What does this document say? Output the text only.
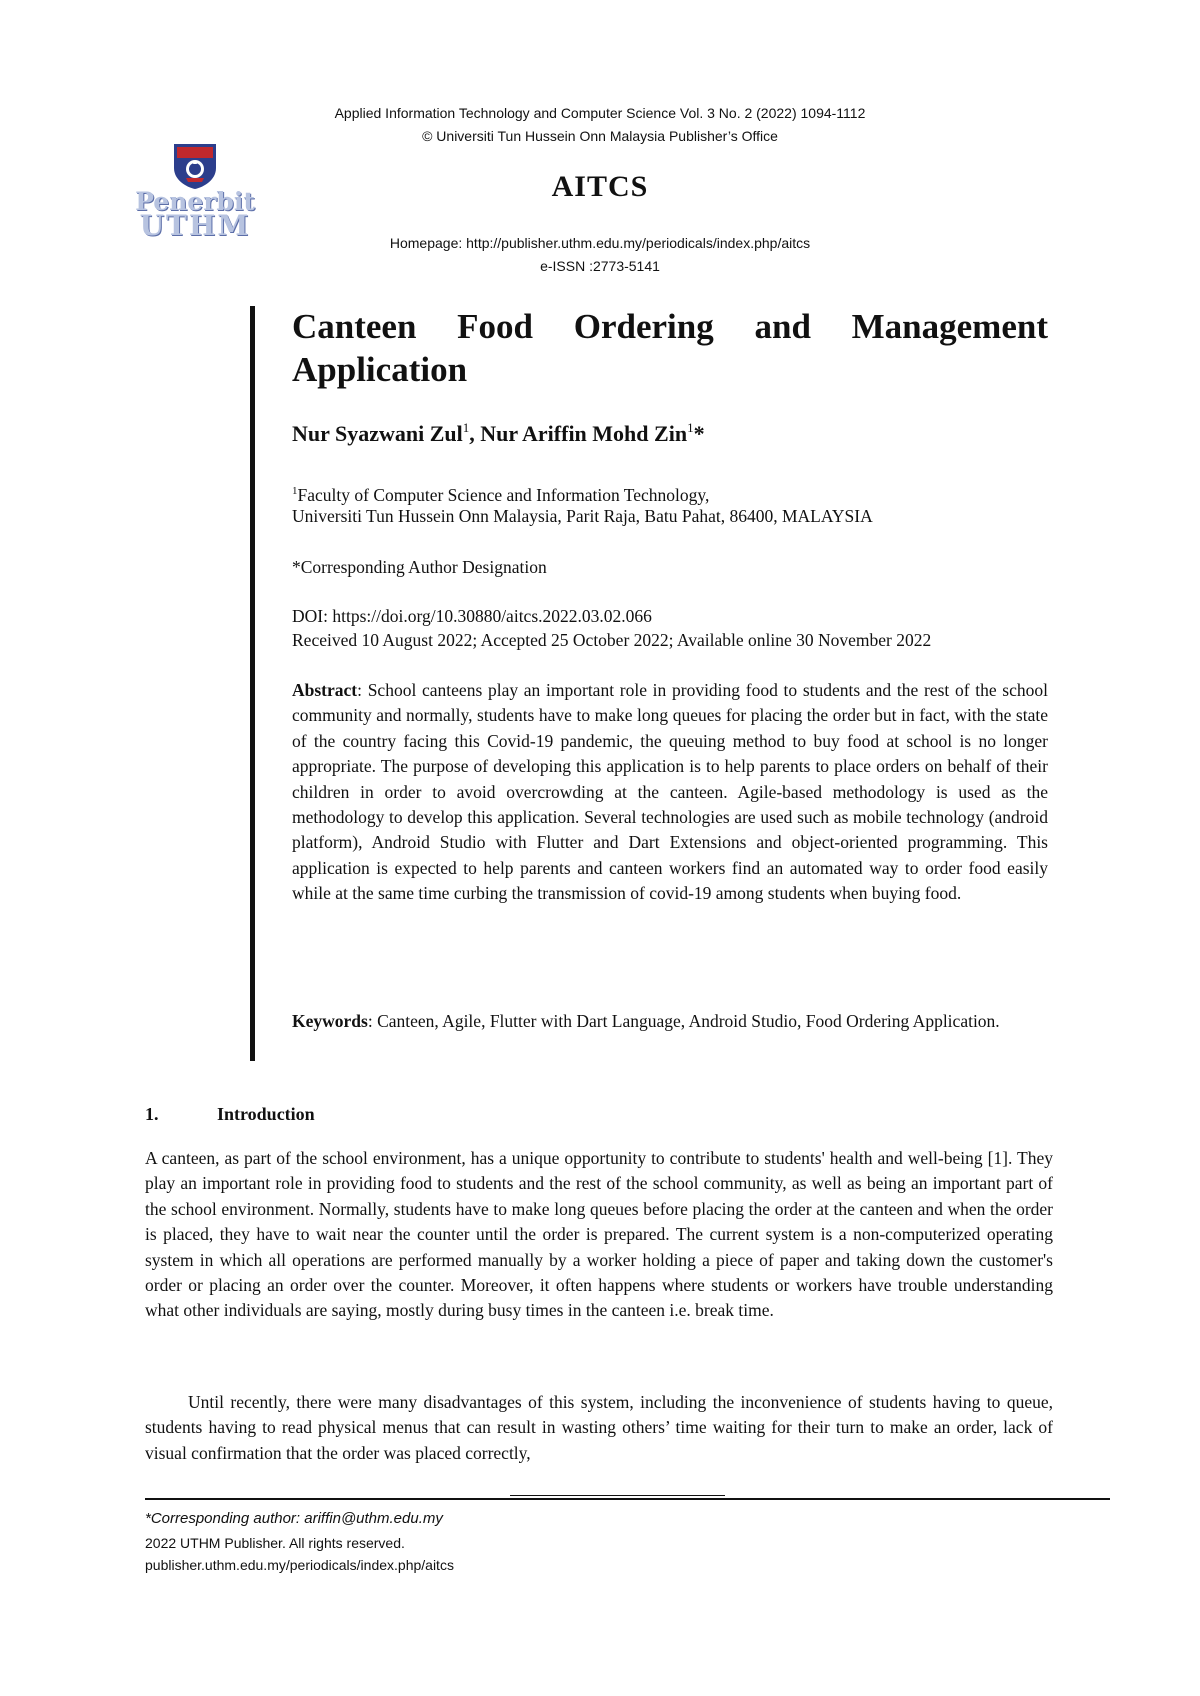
Applied Information Technology and Computer Science Vol. 3 No. 2 (2022) 1094-1112
© Universiti Tun Hussein Onn Malaysia Publisher’s Office
AITCS
Homepage: http://publisher.uthm.edu.my/periodicals/index.php/aitcs
e-ISSN :2773-5141
Penerbit
UTHM
Canteen Food Ordering and Management Application
Nur Syazwani Zul$^1$, Nur Ariffin Mohd Zin$^1$*
$^1$Faculty of Computer Science and Information Technology,
Universiti Tun Hussein Onn Malaysia, Parit Raja, Batu Pahat, 86400, MALAYSIA
*Corresponding Author Designation
DOI: https://doi.org/10.30880/aitcs.2022.03.02.066
Received 10 August 2022; Accepted 25 October 2022; Available online 30 November 2022

Abstract: School canteens play an important role in providing food to students and the rest of the school community and normally, students have to make long queues for placing the order but in fact, with the state of the country facing this Covid-19 pandemic, the queuing method to buy food at school is no longer appropriate. The purpose of developing this application is to help parents to place orders on behalf of their children in order to avoid overcrowding at the canteen. Agile-based methodology is used as the methodology to develop this application. Several technologies are used such as mobile technology (android platform), Android Studio with Flutter and Dart Extensions and object-oriented programming. This application is expected to help parents and canteen workers find an automated way to order food easily while at the same time curbing the transmission of covid-19 among students when buying food.

Keywords: Canteen, Agile, Flutter with Dart Language, Android Studio, Food Ordering Application.

1.	Introduction

A canteen, as part of the school environment, has a unique opportunity to contribute to students' health and well-being [1]. They play an important role in providing food to students and the rest of the school community, as well as being an important part of the school environment. Normally, students have to make long queues before placing the order at the canteen and when the order is placed, they have to wait near the counter until the order is prepared. The current system is a non-computerized operating system in which all operations are performed manually by a worker holding a piece of paper and taking down the customer's order or placing an order over the counter. Moreover, it often happens where students or workers have trouble understanding what other individuals are saying, mostly during busy times in the canteen i.e. break time.

Until recently, there were many disadvantages of this system, including the inconvenience of students having to queue, students having to read physical menus that can result in wasting others’ time waiting for their turn to make an order, lack of visual confirmation that the order was placed correctly,

*Corresponding author: ariffin@uthm.edu.my
2022 UTHM Publisher. All rights reserved.
publisher.uthm.edu.my/periodicals/index.php/aitcs
